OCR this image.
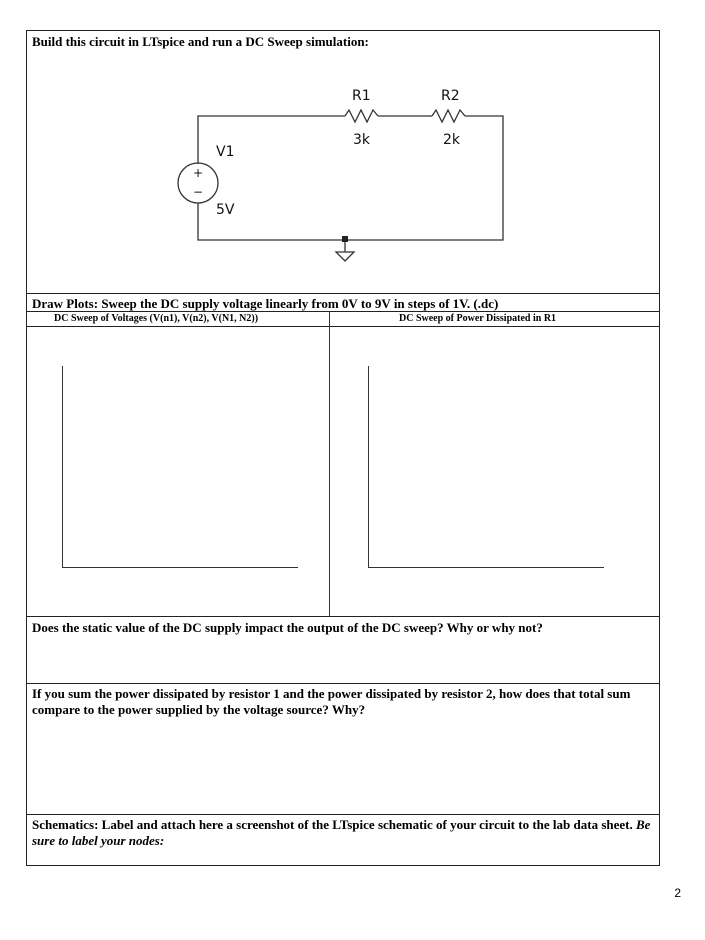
Build this circuit in LTspice and run a DC Sweep simulation:
R1
3k
R2
2k
V1
5V
+
−
Draw Plots: Sweep the DC supply voltage linearly from 0V to 9V in steps of 1V. (.dc)
DC Sweep of Voltages (V(n1), V(n2), V(N1, N2))	DC Sweep of Power Dissipated in R1
Does the static value of the DC supply impact the output of the DC sweep? Why or why not?
If you sum the power dissipated by resistor 1 and the power dissipated by resistor 2, how does that total sum compare to the power supplied by the voltage source? Why?
Schematics: Label and attach here a screenshot of the LTspice schematic of your circuit to the lab data sheet. Be sure to label your nodes:
2
